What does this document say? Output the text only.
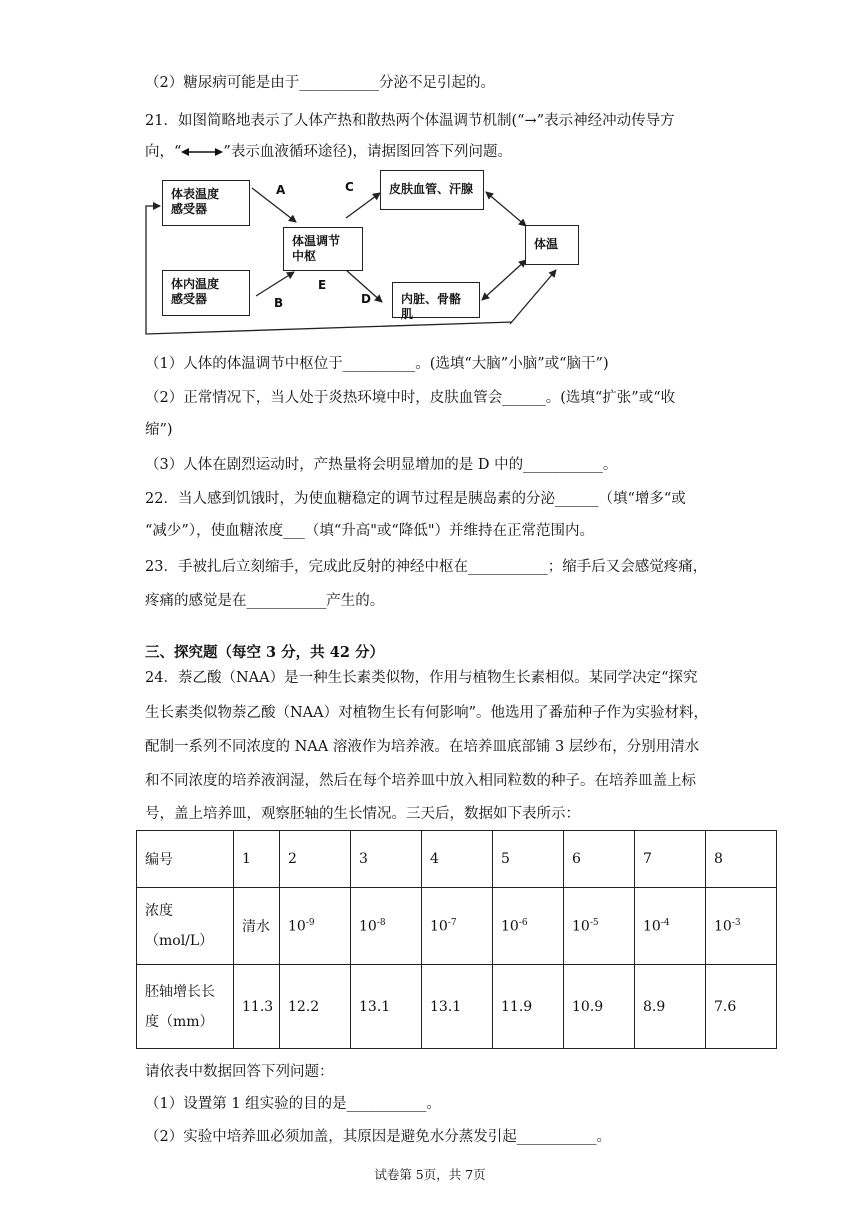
（2）糖尿病可能是由于___________分泌不足引起的。
21．如图简略地表示了人体产热和散热两个体温调节机制(“→”表示神经冲动传导方
向，“	”表示血液循环途径)，请据图回答下列问题。
体表温度
感受器
体内温度
感受器
体温调节
中枢
皮肤血管、汗腺
内脏、骨骼肌
体温
A
B
C
D
E
（1）人体的体温调节中枢位于__________。(选填“大脑”小脑”或“脑干”)
（2）正常情况下，当人处于炎热环境中时，皮肤血管会______。(选填“扩张”或“收
缩”)
（3）人体在剧烈运动时，产热量将会明显增加的是 D 中的___________。
22．当人感到饥饿时，为使血糖稳定的调节过程是胰岛素的分泌______（填“增多“或
“减少”），使血糖浓度___（填“升高"或“降低"）并维持在正常范围内。
23．手被扎后立刻缩手，完成此反射的神经中枢在___________；缩手后又会感觉疼痛，
疼痛的感觉是在___________产生的。
三、探究题（每空 3 分，共 42 分）
24．萘乙酸（NAA）是一种生长素类似物，作用与植物生长素相似。某同学决定“探究
生长素类似物萘乙酸（NAA）对植物生长有何影响”。他选用了番茄种子作为实验材料，
配制一系列不同浓度的 NAA 溶液作为培养液。在培养皿底部铺 3 层纱布，分别用清水
和不同浓度的培养液润湿，然后在每个培养皿中放入相同粒数的种子。在培养皿盖上标
号，盖上培养皿，观察胚轴的生长情况。三天后，数据如下表所示：
编号	1	2	3	4	5	6	7	8

浓度
（mol/L）	清水	$10^{-9}$	$10^{-8}$	$10^{-7}$	$10^{-6}$	$10^{-5}$	$10^{-4}$	$10^{-3}$

胚轴增长长
度（mm）	11.3	12.2	13.1	13.1	11.9	10.9	8.9	7.6
请依表中数据回答下列问题：
（1）设置第 1 组实验的目的是___________。
（2）实验中培养皿必须加盖，其原因是避免水分蒸发引起___________。
试卷第 5页，共 7页
